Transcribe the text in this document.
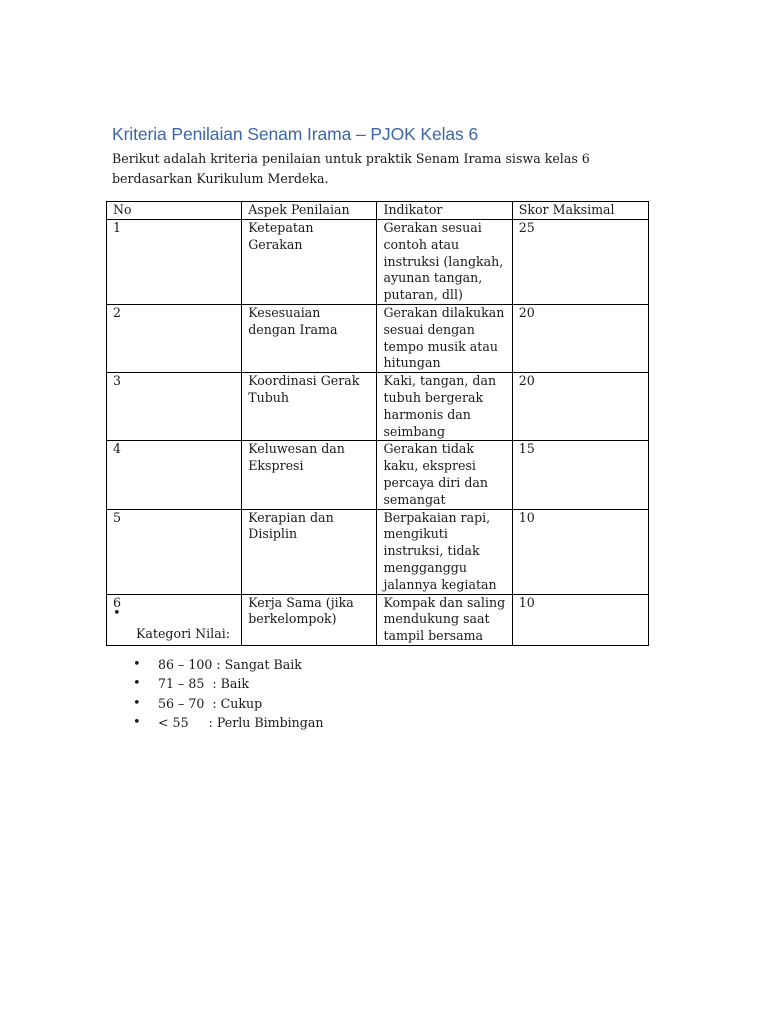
Kriteria Penilaian Senam Irama – PJOK Kelas 6
Berikut adalah kriteria penilaian untuk praktik Senam Irama siswa kelas 6 berdasarkan Kurikulum Merdeka.
No	Aspek Penilaian	Indikator	Skor Maksimal
1	Ketepatan Gerakan	Gerakan sesuai contoh atau instruksi (langkah, ayunan tangan, putaran, dll)	25
2	Kesesuaian dengan Irama	Gerakan dilakukan sesuai dengan tempo musik atau hitungan	20
3	Koordinasi Gerak Tubuh	Kaki, tangan, dan tubuh bergerak harmonis dan seimbang	20
4	Keluwesan dan Ekspresi	Gerakan tidak kaku, ekspresi percaya diri dan semangat	15
5	Kerapian dan Disiplin	Berpakaian rapi, mengikuti instruksi, tidak mengganggu jalannya kegiatan	10
6	Kerja Sama (jika berkelompok)	Kompak dan saling mendukung saat tampil bersama	10
•
Kategori Nilai:

•

86 – 100 : Sangat Baik

•

71 – 85  : Baik

•

56 – 70  : Cukup

•

< 55     : Perlu Bimbingan
